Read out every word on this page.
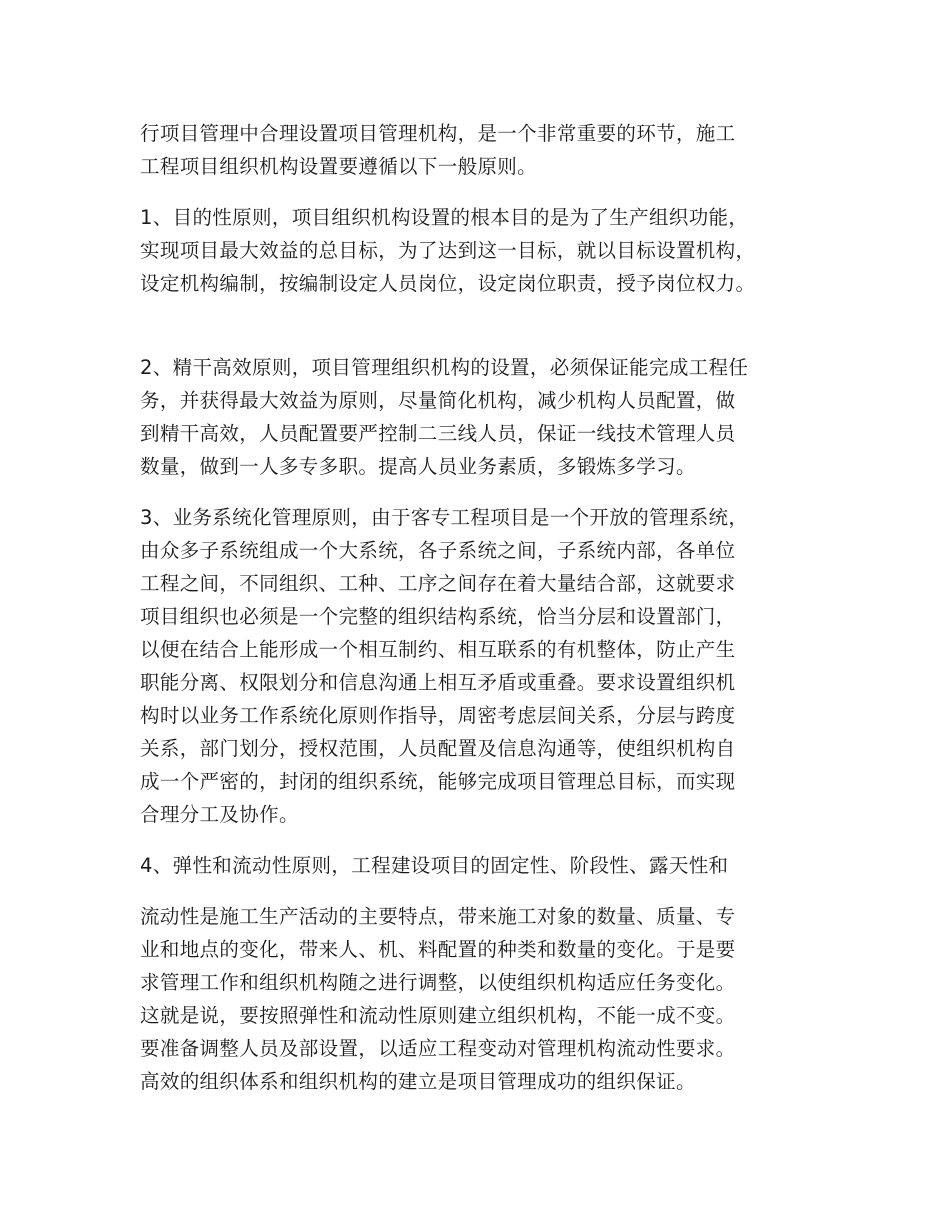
行项目管理中合理设置项目管理机构，是一个非常重要的环节，施工

工程项目组织机构设置要遵循以下一般原则。

1、目的性原则，项目组织机构设置的根本目的是为了生产组织功能，

实现项目最大效益的总目标，为了达到这一目标，就以目标设置机构，

设定机构编制，按编制设定人员岗位，设定岗位职责，授予岗位权力。

2、精干高效原则，项目管理组织机构的设置，必须保证能完成工程任

务，并获得最大效益为原则，尽量简化机构，减少机构人员配置，做

到精干高效，人员配置要严控制二三线人员，保证一线技术管理人员

数量，做到一人多专多职。提高人员业务素质，多锻炼多学习。

3、业务系统化管理原则，由于客专工程项目是一个开放的管理系统，

由众多子系统组成一个大系统，各子系统之间，子系统内部，各单位

工程之间，不同组织、工种、工序之间存在着大量结合部，这就要求

项目组织也必须是一个完整的组织结构系统，恰当分层和设置部门，

以便在结合上能形成一个相互制约、相互联系的有机整体，防止产生

职能分离、权限划分和信息沟通上相互矛盾或重叠。要求设置组织机

构时以业务工作系统化原则作指导，周密考虑层间关系，分层与跨度

关系，部门划分，授权范围，人员配置及信息沟通等，使组织机构自

成一个严密的，封闭的组织系统，能够完成项目管理总目标，而实现

合理分工及协作。

4、弹性和流动性原则，工程建设项目的固定性、阶段性、露天性和

流动性是施工生产活动的主要特点，带来施工对象的数量、质量、专

业和地点的变化，带来人、机、料配置的种类和数量的变化。于是要

求管理工作和组织机构随之进行调整，以使组织机构适应任务变化。

这就是说，要按照弹性和流动性原则建立组织机构，不能一成不变。

要准备调整人员及部设置，以适应工程变动对管理机构流动性要求。

高效的组织体系和组织机构的建立是项目管理成功的组织保证。
